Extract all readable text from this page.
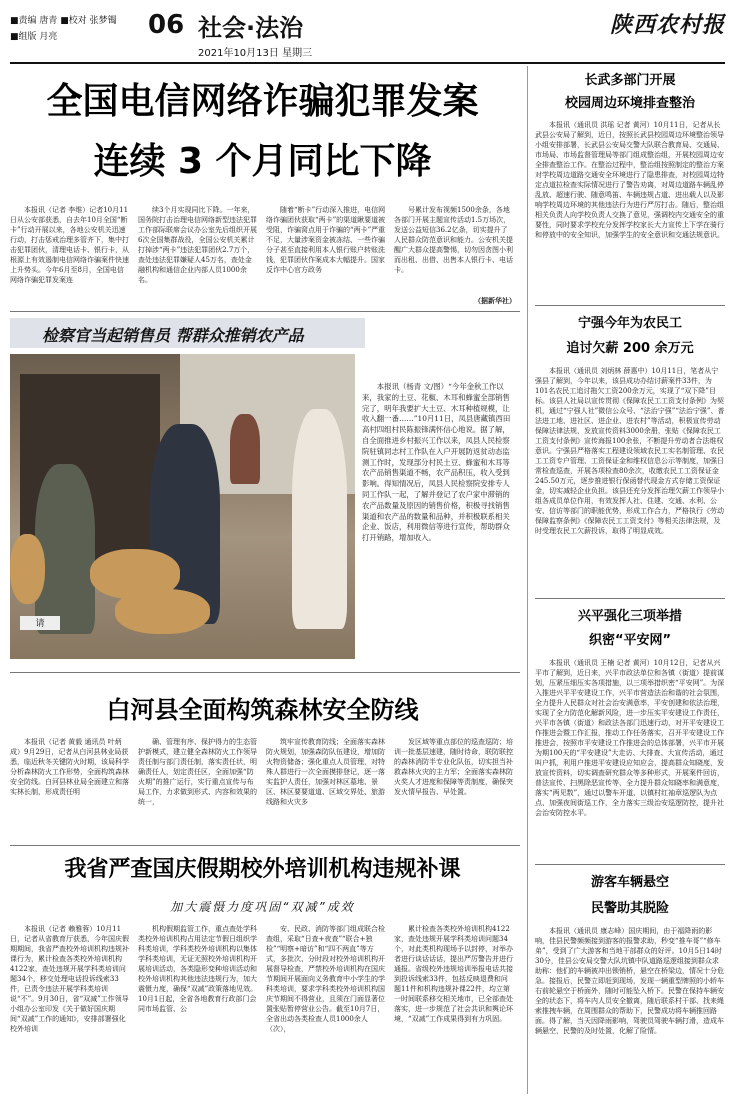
■责编 唐青 ■校对 张梦镯
■组版 月亮	06 社会·法治
2021年10月13日 星期三
陕西农村报
全国电信网络诈骗犯罪发案
连续 3 个月同比下降

本报讯（记者 李维）记者10月11日从公安部获悉，自去年10月全国“断卡”行动开展以来，各地公安机关迅速行动，打击惩戒治理多管齐下，集中打击犯罪团伙，清理电话卡、银行卡，从根源上有效遏制电信网络诈骗案件快速上升势头。今年6月至8月，全国电信网络诈骗犯罪发案连

续3个月实现同比下降。一年来，国务院打击治理电信网络新型违法犯罪工作部际联席会议办公室先后组织开展6次全国集群战役，全国公安机关累计打掉涉“两卡”违法犯罪团伙2.7万个，查处违法犯罪嫌疑人45万名，查处金融机构和通信企业内部人员1000余名。

随着“断卡”行动深入推进，电信网络诈骗团伙获取“两卡”的渠道瞅要道被受阻，诈骗窝点用于诈骗的“两卡”严重不足，大量涉案资金被冻结、一些诈骗分子甚至直接利用本人银行账户转账洗钱，犯罪团伙作案成本大幅提升。国家反诈中心官方政务

号累计发布视频1500余条，各地各部门开展主题宣传活动1.5万场次，发送公益短信36.2亿条，切实提升了人民群众防范意识和能力。公安机关提醒广大群众提高警惕，切勿因贪图小利而出租、出借、出售本人银行卡、电话卡。

（据新华社）
检察官当起销售员 帮群众推销农产品
请

本报讯（杨青 文/图）“今年金秋工作以来，我家的土豆、花椒、木耳和蜂蜜全部销售完了，明年我要扩大土豆、木耳种植规模，让收入翻一番……”10月11日，凤县唐藏镇西田高村四组村民陈振锋满怀信心地说。据了解，自全面推进乡村振兴工作以来，凤县人民检察院驻镇同志村工作队在入户开展防返贫动态监测工作时，发现部分村民土豆、蜂蜜和木耳等农产品销售渠道不畅，农产品积压，收入受到影响。得知情况后，凤县人民检察院安排专人同工作队一起，了解并登记了农户家中滞销的农产品数量及原因的销售价格，积极寻找销售渠道和农产品的数量和品种，并积极联系相关企业、饭店，利用微信等进行宣传，帮助群众打开销路，增加收入。

白河县全面构筑森林安全防线

本报讯（记者 黄毅 通讯员 叶炳成）9月29日，记者从白河县林业局获悉，临近秋冬关键防火时期，该局科学分析森林防火工作形势，全面构筑森林安全防线。白河县林业局全面建立和落实林长制，形成责任明

确、管理有序、保护得力的生态管护新模式，建立健全森林防火工作领导责任制与部门责任制，落实责任状，明确责任人，划定责任区，全面加强“防火期”的推广运行，实行重点宣传与布局工作，力求做到形式、内容和效果的统一，

筑牢宣传教育防线；全面落实森林防火规划，加强森防队伍建设，增加防火物资储备；强化重点人员管理，对特殊人群进行一次全面摸排登记，逐一落实监护人责任，加强对林区墓地、景区、林区要要道道、区域交界处、旅游线路和火灾多

发区域等重点部位的巡查巡防；培训一批基层速建，随时待命，联防联控的森林消防半专业化队伍，切实担当补救森林火灾的主力军；全面落实森林防火奖人才进度和保障等责制度，确保突发火情早报告、早处置。

我省严查国庆假期校外培训机构违规补课
加大震慑力度巩固“双减”成效

本报讯（记者 赖雅蓉）10月11日，记者从省教育厅获悉，今年国庆假期期间，我省严查校外培训机构违规补课行为，累计检查各类校外培训机构4122家，查处违规开展学科类培训问题34个，移交处理电话投诉线索33件，已责令违法开展学科类培训说“不”。9月30日，省“双减”工作领导小组办公室印发《关于做好国庆期间“双减”工作的通知》，安排部署强化校外培训

机构假期监管工作，重点查处学科类校外培训机构占用法定节假日组织学科类培训，学科类校外培训机构以集体学科类培训，无证无照校外培训机构开展培训活动，各类隐形变种培训活动和校外培训机构其他违法违规行为，加大震慑力度，确保“双减”政策落地见效。10月1日起，全省各地教育行政部门会同市场监管、公

安、民政、消防等部门组成联合检查组，采取“日查+夜查”“联合+独检”“明察+暗访”和“四不两直”等方式，多批次、分时段对校外培训机构开展督导检查，严禁校外培训机构在国庆节期间开展面向义务教育中小学生的学科类培训，要求学科类校外培训机构国庆节期间不得营业，且须在门面显著位置张贴暂停营业公告。截至10月7日，全省出动各类检查人员1000余人（次），

累计检查各类校外培训机构4122家，查处违规开展学科类培训问题34个，对此类机构现场予以封停，对举办者进行谈话话话，提出严厉警告并进行通报。省级校外违规培训举报电话共接到投诉线索33件，包括反映退费和问题11件和机构违规补课22件，均立第一时间联系移交相关地市，已全部查处落实，进一步规范了社会共识和舆论环境，“双减”工作成果得到有力巩固。

长武多部门开展
校园周边环境排查整治

本报讯（通讯员 洪瑶 记者 黄河）10月11日，记者从长武县公安局了解到，近日，按照长武县校园周边环境整治领导小组安排部署，长武县公安局交警大队联合教育局、交通局、市场局、市场监督管理局等部门组成整治组，开展校园周边安全排查整治工作。在整治过程中，整治组按照制定的整治方案对学校周边道路交通安全环境进行了隐患排查，对校园周边特定点道拉检查实际情况进行了警告劝离，对周边道路车辆乱停乱放、超速行驶、随意鸣笛、车辆违规占道、进出载人以及影响学校周边环境的其他违法行为进行严厉打击。随后，整治组相关负责人向学校负责人交换了意见，强调校内交通安全的重要性，同时要求学校充分发挥学校家长大力宣传上下学在骑行和停放中的安全知识，加强学生的安全意识和交通法规意识。

宁强今年为农民工
追讨欠薪 200 余万元

本报讯（通讯员 刘炳林 薛惠中）10月11日，笔者从宁强县了解到，今年以来，该县成功办结讨薪案件33件，为101名农民工追讨拖欠工资200余万元，实现了“双下降”目标。该县人社局以宣传贯彻《保障农民工工资支付条例》为契机，通过“宁强人社”微信公众号、“法治宁强”“法治宁强”、普法进工地、进社区、进企业、进农村”等活动，积极宣传劳动保障法律法规，发放宣传资料3000余册，张贴《保障农民工工资支付条例》宣传海报100余张，不断提升劳动者合法维权意识。宁强县严格落实工程建设领域农民工实名制管理、农民工工资专户管理、工资保证金和维权信息公示等制度，加强日常检查巡查，开展各项检查80余次，收缴农民工工资保证金245.50万元，逐步推进银行保函替代现金方式存储工资保证金，切实减轻企业负担。该县还充分发挥治理欠薪工作领导小组各成员单位作用，有效发挥人社、住建、交通、水利、公安、信访等部门的职能优势，形成工作合力，严格执行《劳动保障监察条例》《保障农民工工资支付》等相关法律法规，及时受理农民工欠薪投诉，取得了明显成效。

兴平强化三项举措
织密“平安网”

本报讯（通讯员 王楠 记者 黄河）10月12日，记者从兴平市了解到，近日来，兴平市政法单位和各镇（街道）提前谋划，压紧压细压实各项措施，以三项举措织密“平安网”。为深入推进兴平平安建设工作，兴平市营造法治和谐的社会氛围，全力提升人民群众对社会治安满意率，平安创建和依法治理，实现了全力防范化解新风险，进一步压实平安建设工作责任，兴平市各镇（街道）和政法各部门迅速行动，对开平安建设工作推进会暨工作汇报，推动工作任务落实，召开平安建设工作推进会，按照市平安建设工作推进会的总体部署，兴平市开展为期100天的“平安建设”大走访、大排查、大宣传活动，通过叫户抓，利用户推进平安建设应知应会，提高群众知晓度，发放宣传资料，切实调查研究群众等多种形式，开展案件回访，普法宣传、扫黑除恶宣传等，全力提升群众知晓率和满意度，落实“两见数”，通过以警车开道、以镇村红袖章巡逻队为点点、加强夜间街巡工作，全力落实三级治安巡逻防控，提升社会治安防控水平。

游客车辆悬空
民警助其脱险

本报讯（通讯员 康志峰）国庆期间，由于福降雨的影响，佳县民警频频接到游客的报警求助，秒变“推车哥”“修车弟”，受到了广大游客和当地干部群众的好评。10月5日14时30分，佳县公安局交警大队坑镇中队道路巡逻组接到群众求助称：他们的车辆被冲出锁销桥，悬空在桥梁边，情况十分危急。接报后，民警立即赶到现场，发现一辆重型牌照的小轿车右前轮悬空于桥面外，随时可能坠入桥下。民警在保持车辆安全的状态下，将车内人员安全撤离，随后联系村干部、找来绳索推拽车辆，在周围群众的帮助下，民警成功将车辆推回路面。得了解，当天因降雨影响，驾驶员驾驶车辆打滑，造成车辆悬空，民警的及时处置，化解了险情。
